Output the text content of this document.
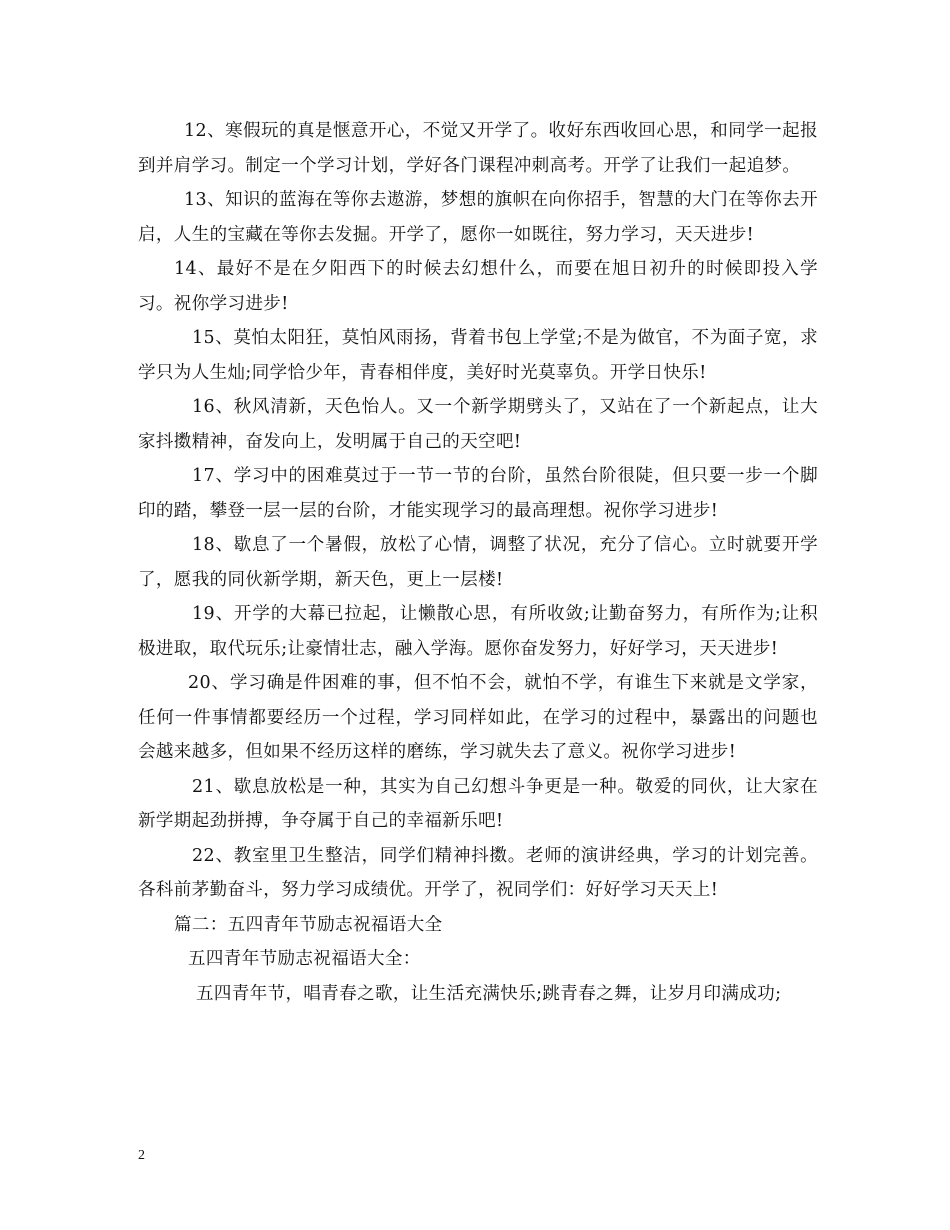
12、寒假玩的真是惬意开心，不觉又开学了。收好东西收回心思，和同学一起报到并肩学习。制定一个学习计划，学好各门课程冲刺高考。开学了让我们一起追梦。

13、知识的蓝海在等你去遨游，梦想的旗帜在向你招手，智慧的大门在等你去开启，人生的宝藏在等你去发掘。开学了，愿你一如既往，努力学习，天天进步!

14、最好不是在夕阳西下的时候去幻想什么，而要在旭日初升的时候即投入学习。祝你学习进步!

15、莫怕太阳狂，莫怕风雨扬，背着书包上学堂;不是为做官，不为面子宽，求学只为人生灿;同学恰少年，青春相伴度，美好时光莫辜负。开学日快乐!

16、秋风清新，天色怡人。又一个新学期劈头了，又站在了一个新起点，让大家抖擞精神，奋发向上，发明属于自己的天空吧!

17、学习中的困难莫过于一节一节的台阶，虽然台阶很陡，但只要一步一个脚印的踏，攀登一层一层的台阶，才能实现学习的最高理想。祝你学习进步!

18、歇息了一个暑假，放松了心情，调整了状况，充分了信心。立时就要开学了，愿我的同伙新学期，新天色，更上一层楼!

19、开学的大幕已拉起，让懒散心思，有所收敛;让勤奋努力，有所作为;让积极进取，取代玩乐;让豪情壮志，融入学海。愿你奋发努力，好好学习，天天进步!

20、学习确是件困难的事，但不怕不会，就怕不学，有谁生下来就是文学家，任何一件事情都要经历一个过程，学习同样如此，在学习的过程中，暴露出的问题也会越来越多，但如果不经历这样的磨练，学习就失去了意义。祝你学习进步!

21、歇息放松是一种，其实为自己幻想斗争更是一种。敬爱的同伙，让大家在新学期起劲拼搏，争夺属于自己的幸福新乐吧!

22、教室里卫生整洁，同学们精神抖擞。老师的演讲经典，学习的计划完善。各科前茅勤奋斗，努力学习成绩优。开学了，祝同学们：好好学习天天上!

篇二：五四青年节励志祝福语大全

五四青年节励志祝福语大全：

五四青年节，唱青春之歌，让生活充满快乐;跳青春之舞，让岁月印满成功;

2
